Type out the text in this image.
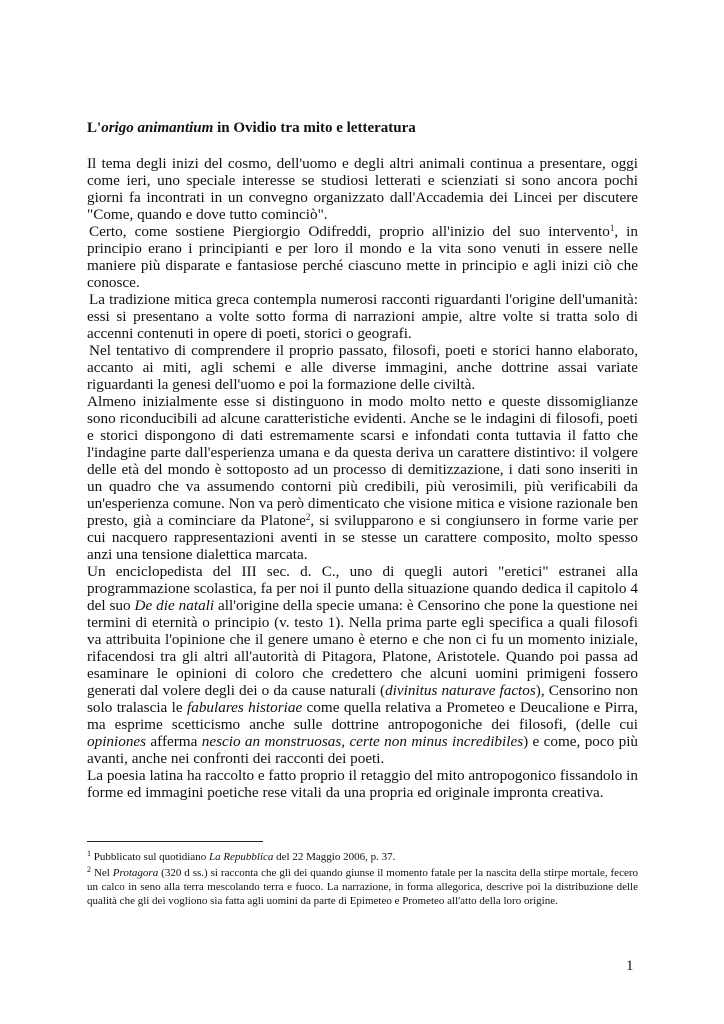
L'origo animantium in Ovidio tra mito e letteratura

Il tema degli inizi del cosmo, dell'uomo e degli altri animali continua a presentare, oggi come ieri, uno speciale interesse se studiosi letterati e scienziati si sono ancora pochi giorni fa incontrati in un convegno organizzato dall'Accademia dei Lincei per discutere "Come, quando e dove tutto cominciò".

Certo, come sostiene Piergiorgio Odifreddi, proprio all'inizio del suo intervento$^1$, in principio erano i principianti e per loro il mondo e la vita sono venuti in essere nelle maniere più disparate e fantasiose perché ciascuno mette in principio e agli inizi ciò che conosce.

La tradizione mitica greca contempla numerosi racconti riguardanti l'origine dell'umanità: essi si presentano a volte sotto forma di narrazioni ampie, altre volte si tratta solo di accenni contenuti in opere di poeti, storici o geografi.

Nel tentativo di comprendere il proprio passato, filosofi, poeti e storici hanno elaborato, accanto ai miti, agli schemi e alle diverse immagini, anche dottrine assai variate riguardanti la genesi dell'uomo e poi la formazione delle civiltà.

Almeno inizialmente esse si distinguono in modo molto netto e queste dissomiglianze sono riconducibili ad alcune caratteristiche evidenti. Anche se le indagini di filosofi, poeti e storici dispongono di dati estremamente scarsi e infondati conta tuttavia il fatto che l'indagine parte dall'esperienza umana e da questa deriva un carattere distintivo: il volgere delle età del mondo è sottoposto ad un processo di demitizzazione, i dati sono inseriti in un quadro che va assumendo contorni più credibili, più verosimili, più verificabili da un'esperienza comune. Non va però dimenticato che visione mitica e visione razionale ben presto, già a cominciare da Platone$^2$, si svilupparono e si congiunsero in forme varie per cui nacquero rappresentazioni aventi in se stesse un carattere composito, molto spesso anzi una tensione dialettica marcata.

Un enciclopedista del III sec. d. C., uno di quegli autori "eretici" estranei alla programmazione scolastica, fa per noi il punto della situazione quando dedica il capitolo 4 del suo De die natali all'origine della specie umana: è Censorino che pone la questione nei termini di eternità o principio (v. testo 1). Nella prima parte egli specifica a quali filosofi va attribuita l'opinione che il genere umano è eterno e che non ci fu un momento iniziale, rifacendosi tra gli altri all'autorità di Pitagora, Platone, Aristotele. Quando poi passa ad esaminare le opinioni di coloro che credettero che alcuni uomini primigeni fossero generati dal volere degli dei o da cause naturali (divinitus naturave factos), Censorino non solo tralascia le fabulares historiae come quella relativa a Prometeo e Deucalione e Pirra, ma esprime scetticismo anche sulle dottrine antropogoniche dei filosofi, (delle cui opiniones afferma nescio an monstruosas, certe non minus incredibiles) e come, poco più avanti, anche nei confronti dei racconti dei poeti.

La poesia latina ha raccolto e fatto proprio il retaggio del mito antropogonico fissandolo in forme ed immagini poetiche rese vitali da una propria ed originale impronta creativa.

$^1$ Pubblicato sul quotidiano La Repubblica del 22 Maggio 2006, p. 37.

$^2$ Nel Protagora (320 d ss.) si racconta che gli dei quando giunse il momento fatale per la nascita della stirpe mortale, fecero un calco in seno alla terra mescolando terra e fuoco. La narrazione, in forma allegorica, descrive poi la distribuzione delle qualità che gli dei vogliono sia fatta agli uomini da parte di Epimeteo e Prometeo all'atto della loro origine.

1
